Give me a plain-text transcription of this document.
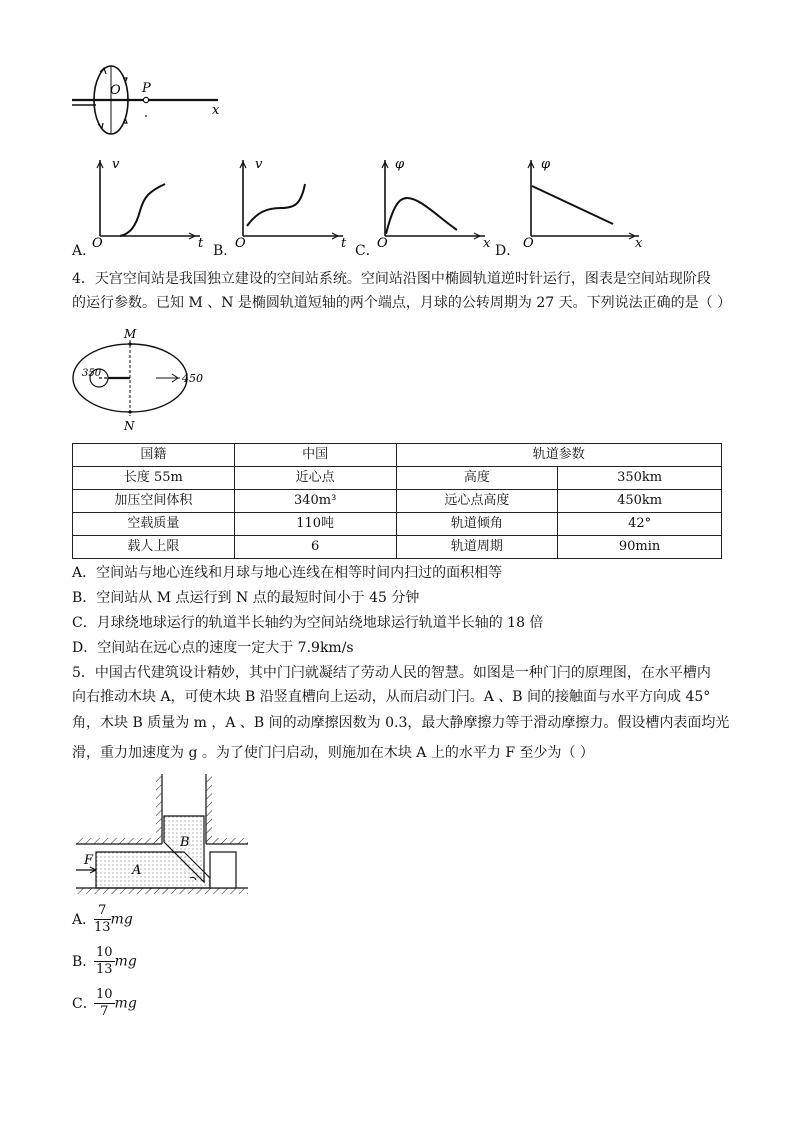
O P
x
A．
v
O	t B．
v
O	t C．
φ
O	x D．
φ
O	x
4．天宫空间站是我国独立建设的空间站系统。空间站沿图中椭圆轨道逆时针运行，图表是空间站现阶段
的运行参数。已知 M 、N 是椭圆轨道短轴的两个端点，月球的公转周期为 27 天。下列说法正确的是（ ）
M
N
350	450
国籍	中国	轨道参数	
长度 55m	近心点	高度	350km
加压空间体积	340m³	远心点高度	450km
空载质量	110吨	轨道倾角	42°
载人上限	6	轨道周期	90min
A．空间站与地心连线和月球与地心连线在相等时间内扫过的面积相等
B．空间站从 M 点运行到 N 点的最短时间小于 45 分钟
C．月球绕地球运行的轨道半长轴约为空间站绕地球运行轨道半长轴的 18 倍
D．空间站在远心点的速度一定大于 7.9km/s
5．中国古代建筑设计精妙，其中门闩就凝结了劳动人民的智慧。如图是一种门闩的原理图，在水平槽内
向右推动木块 A，可使木块 B 沿竖直槽向上运动，从而启动门闩。A 、B 间的接触面与水平方向成 45°
角，木块 B 质量为 m ，A 、B 间的动摩擦因数为 0.3，最大静摩擦力等于滑动摩擦力。假设槽内表面均光
滑，重力加速度为 g 。为了使门闩启动，则施加在木块 A 上的水平力 F 至少为（ ）
F
A
B
A．
$\frac{7}{13}$ mg
B．
$\frac{10}{13}$ mg
C．
$\frac{10}{7}$ mg
